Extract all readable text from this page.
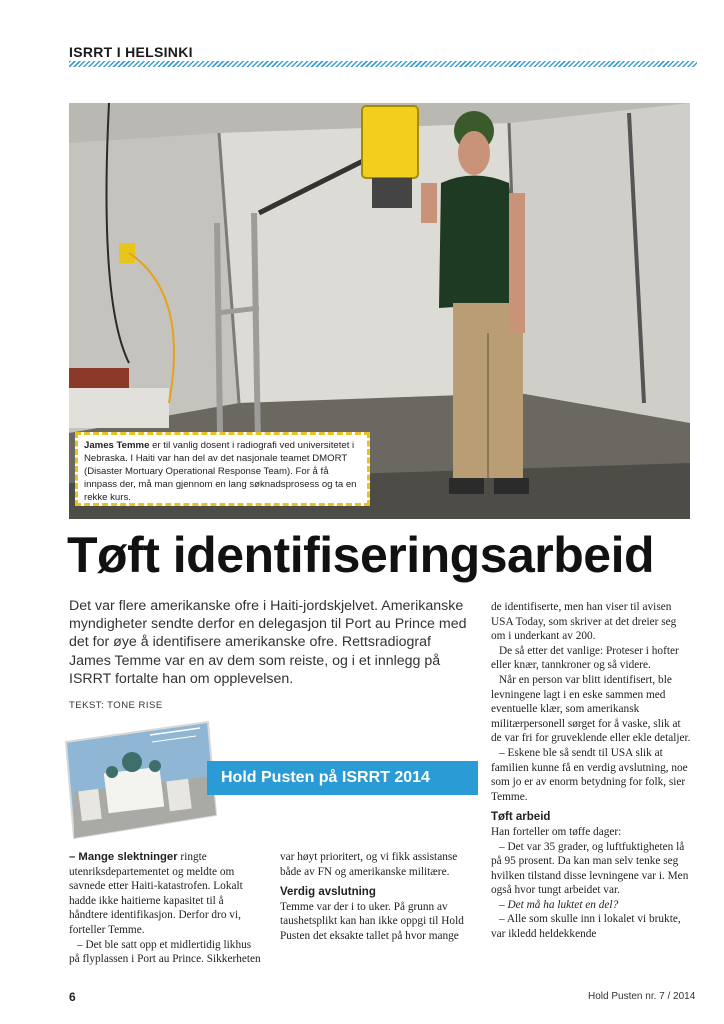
ISRRT I HELSINKI
James Temme er til vanlig dosent i radiografi ved universitetet i Nebraska. I Haiti var han del av det nasjonale teamet DMORT (Disaster Mortuary Operational Response Team). For å få innpass der, må man gjennom en lang søknadsprosess og ta en rekke kurs.
Tøft identifiseringsarbeid
Det var flere amerikanske ofre i Haiti-jordskjelvet. Amerikanske myndigheter sendte derfor en delegasjon til Port au Prince med det for øye å identifisere amerikanske ofre. Rettsradiograf James Temme var en av dem som reiste, og i et innlegg på ISRRT fortalte han om opplevelsen.
TEKST: TONE RISE
Hold Pusten på ISRRT 2014

de identifiserte, men han viser til avisen USA Today, som skriver at det dreier seg om i underkant av 200.

De så etter det vanlige: Proteser i hofter eller knær, tannkroner og så videre.

Når en person var blitt identifisert, ble levningene lagt i en eske sammen med eventuelle klær, som amerikansk militærpersonell sørget for å vaske, slik at de var fri for gruveklende eller ekle detaljer.

– Eskene ble så sendt til USA slik at familien kunne få en verdig avslutning, noe som jo er av enorm betydning for folk, sier Temme.

Tøft arbeid

Han forteller om tøffe dager:

– Det var 35 grader, og luftfuktigheten lå på 95 prosent. Da kan man selv tenke seg hvilken tilstand disse levningene var i. Men også hvor tungt arbeidet var.

– Det må ha luktet en del?

– Alle som skulle inn i lokalet vi brukte, var ikledd heldekkende

– Mange slektninger ringte utenriksdepartementet og meldte om savnede etter Haiti-katastrofen. Lokalt hadde ikke haitierne kapasitet til å håndtere identifikasjon. Derfor dro vi, forteller Temme.

– Det ble satt opp et midlertidig likhus på flyplassen i Port au Prince. Sikkerheten

var høyt prioritert, og vi fikk assistanse både av FN og amerikanske militære.

Verdig avslutning

Temme var der i to uker. På grunn av taushetsplikt kan han ikke oppgi til Hold Pusten det eksakte tallet på hvor mange

6	Hold Pusten nr. 7 / 2014
